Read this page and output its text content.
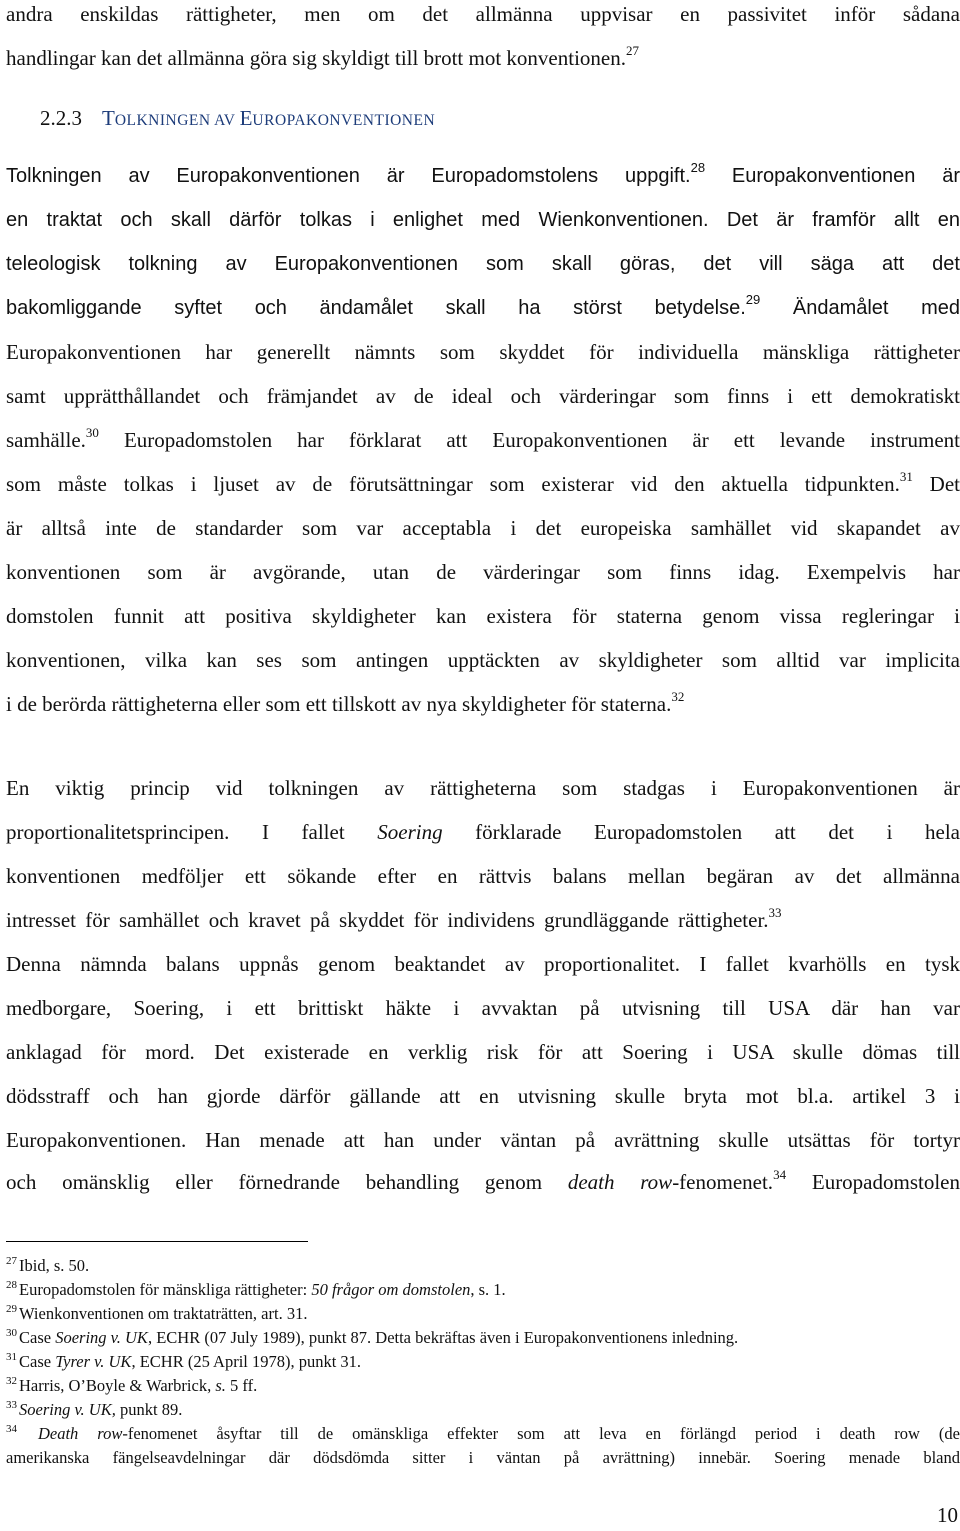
andra enskildas rättigheter, men om det allmänna uppvisar en passivitet inför sådana
handlingar kan det allmänna göra sig skyldigt till brott mot konventionen.$^{27}$
2.2.3 TOLKNINGEN AV EUROPAKONVENTIONEN
Tolkningen av Europakonventionen är Europadomstolens uppgift.$^{28}$ Europakonventionen är
en traktat och skall därför tolkas i enlighet med Wienkonventionen. Det är framför allt en
teleologisk tolkning av Europakonventionen som skall göras, det vill säga att det
bakomliggande syftet och ändamålet skall ha störst betydelse.$^{29}$ Ändamålet med
Europakonventionen har generellt nämnts som skyddet för individuella mänskliga rättigheter
samt upprätthållandet och främjandet av de ideal och värderingar som finns i ett demokratiskt
samhälle.$^{30}$ Europadomstolen har förklarat att Europakonventionen är ett levande instrument
som måste tolkas i ljuset av de förutsättningar som existerar vid den aktuella tidpunkten.$^{31}$ Det
är alltså inte de standarder som var acceptabla i det europeiska samhället vid skapandet av
konventionen som är avgörande, utan de värderingar som finns idag. Exempelvis har
domstolen funnit att positiva skyldigheter kan existera för staterna genom vissa regleringar i
konventionen, vilka kan ses som antingen upptäckten av skyldigheter som alltid var implicita
i de berörda rättigheterna eller som ett tillskott av nya skyldigheter för staterna.$^{32}$
En viktig princip vid tolkningen av rättigheterna som stadgas i Europakonventionen är
proportionalitetsprincipen. I fallet Soering förklarade Europadomstolen att det i hela
konventionen medföljer ett sökande efter en rättvis balans mellan begäran av det allmänna
intresset för samhället och kravet på skyddet för individens grundläggande rättigheter.$^{33}$
Denna nämnda balans uppnås genom beaktandet av proportionalitet. I fallet kvarhölls en tysk
medborgare, Soering, i ett brittiskt häkte i avvaktan på utvisning till USA där han var
anklagad för mord. Det existerade en verklig risk för att Soering i USA skulle dömas till
dödsstraff och han gjorde därför gällande att en utvisning skulle bryta mot bl.a. artikel 3 i
Europakonventionen. Han menade att han under väntan på avrättning skulle utsättas för tortyr
och omänsklig eller förnedrande behandling genom death row-fenomenet.$^{34}$ Europadomstolen
$^{27}$ Ibid, s. 50.
$^{28}$ Europadomstolen för mänskliga rättigheter: 50 frågor om domstolen, s. 1.
$^{29}$ Wienkonventionen om traktaträtten, art. 31.
$^{30}$ Case Soering v. UK, ECHR (07 July 1989), punkt 87. Detta bekräftas även i Europakonventionens inledning.
$^{31}$ Case Tyrer v. UK, ECHR (25 April 1978), punkt 31.
$^{32}$ Harris, O’Boyle & Warbrick, s. 5 ff.
$^{33}$ Soering v. UK, punkt 89.
$^{34}$ Death row-fenomenet åsyftar till de omänskliga effekter som att leva en förlängd period i death row (de
amerikanska fängelseavdelningar där dödsdömda sitter i väntan på avrättning) innebär. Soering menade bland
10
